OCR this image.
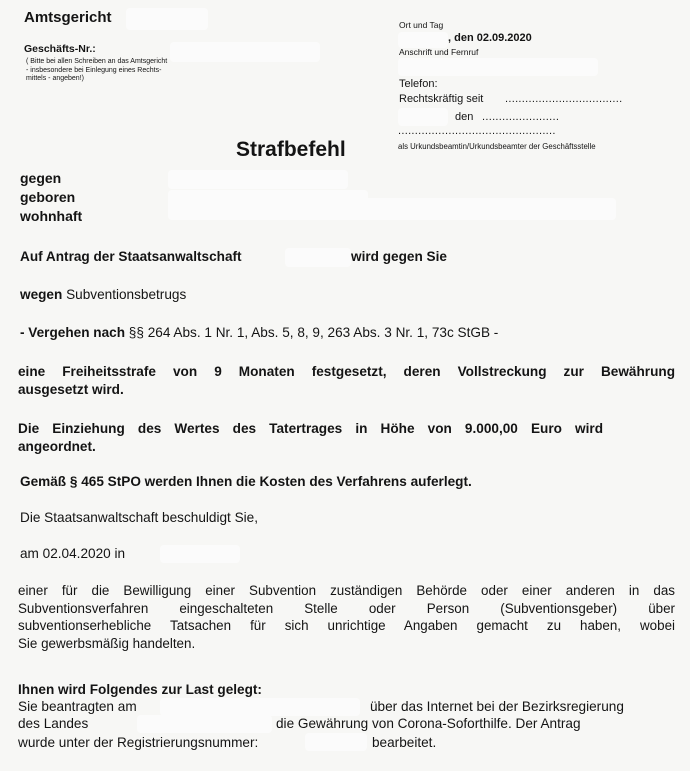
Amtsgericht
Geschäfts-Nr.:
( Bitte bei allen Schreiben an das Amtsgericht
- insbesondere bei Einlegung eines Rechts-
mittels - angeben!)
Ort und Tag
, den 02.09.2020
Anschrift und Fernruf
Telefon:
Rechtskräftig seit ...................................
den .......................
...............................................
als Urkundsbeamtin/Urkundsbeamter der Geschäftsstelle
Strafbefehl
gegen
geboren
wohnhaft
Auf Antrag der Staatsanwaltschaft	wird gegen Sie
wegen Subventionsbetrugs
- Vergehen nach §§ 264 Abs. 1 Nr. 1, Abs. 5, 8, 9, 263 Abs. 3 Nr. 1, 73c StGB -
eine Freiheitsstrafe von 9 Monaten festgesetzt, deren Vollstreckung zur Bewährung
ausgesetzt wird.
Die Einziehung des Wertes des Tatertrages in Höhe von 9.000,00 Euro wird
angeordnet.
Gemäß § 465 StPO werden Ihnen die Kosten des Verfahrens auferlegt.
Die Staatsanwaltschaft beschuldigt Sie,
am 02.04.2020 in
einer für die Bewilligung einer Subvention zuständigen Behörde oder einer anderen in das
Subventionsverfahren eingeschalteten Stelle oder Person (Subventionsgeber) über
subventionserhebliche Tatsachen für sich unrichtige Angaben gemacht zu haben, wobei
Sie gewerbsmäßig handelten.
Ihnen wird Folgendes zur Last gelegt:
Sie beantragten am	über das Internet bei der Bezirksregierung
des Landes	die Gewährung von Corona-Soforthilfe. Der Antrag
wurde unter der Registrierungsnummer:	bearbeitet.
